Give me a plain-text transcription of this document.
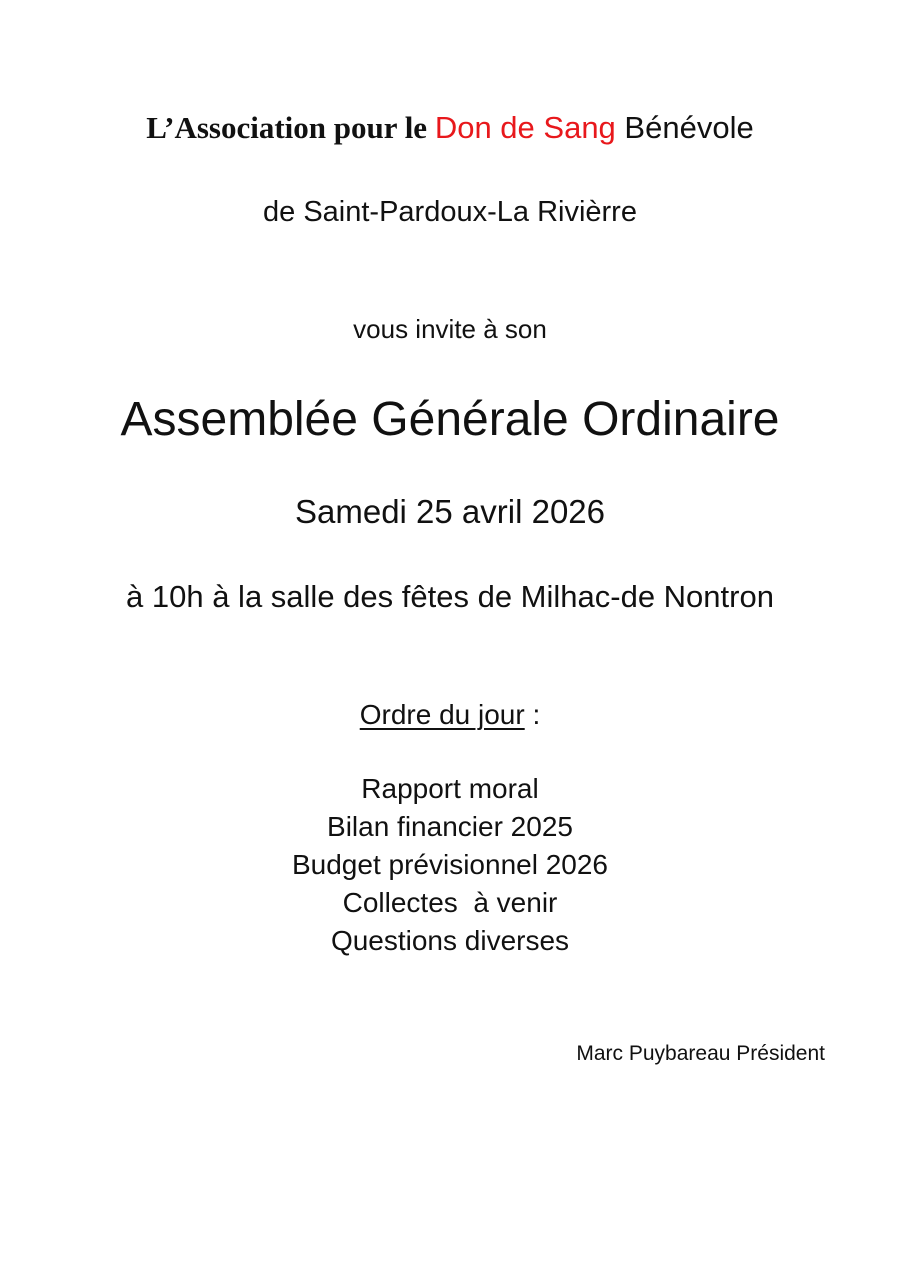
L’Association pour le Don de Sang Bénévole
de Saint-Pardoux-La Rivièrre
vous invite à son
Assemblée Générale Ordinaire
Samedi 25 avril 2026
à 10h à la salle des fêtes de Milhac-de Nontron
Ordre du jour :
Rapport moral
Bilan financier 2025
Budget prévisionnel 2026
Collectes  à venir
Questions diverses
Marc Puybareau Président
